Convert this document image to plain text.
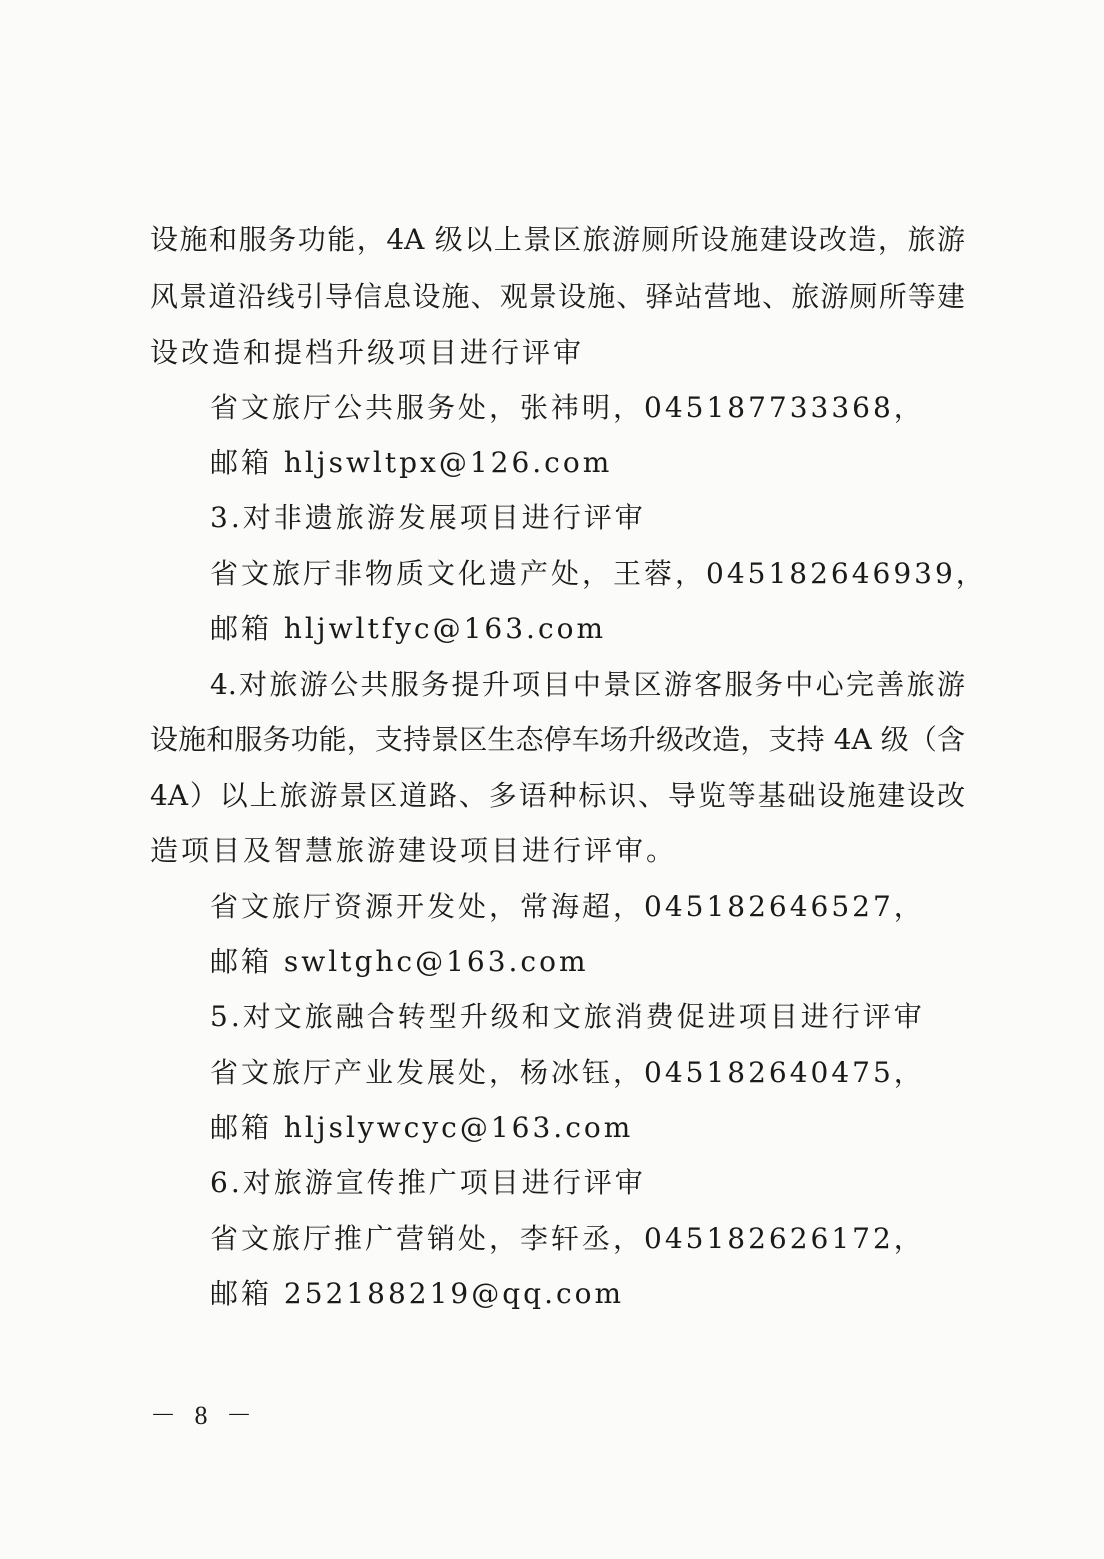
设施和服务功能，4A 级以上景区旅游厕所设施建设改造，旅游
风景道沿线引导信息设施、观景设施、驿站营地、旅游厕所等建
设改造和提档升级项目进行评审
省文旅厅公共服务处，张祎明，045187733368，
邮箱 hljswltpx@126.com
3.对非遗旅游发展项目进行评审
省文旅厅非物质文化遗产处，王蓉，045182646939，
邮箱 hljwltfyc@163.com
4.对旅游公共服务提升项目中景区游客服务中心完善旅游
设施和服务功能，支持景区生态停车场升级改造，支持 4A 级（含
4A）以上旅游景区道路、多语种标识、导览等基础设施建设改
造项目及智慧旅游建设项目进行评审。
省文旅厅资源开发处，常海超，045182646527，
邮箱 swltghc@163.com
5.对文旅融合转型升级和文旅消费促进项目进行评审
省文旅厅产业发展处，杨冰钰，045182640475，
邮箱 hljslywcyc@163.com
6.对旅游宣传推广项目进行评审
省文旅厅推广营销处，李轩丞，045182626172，
邮箱 252188219@qq.com
－ 8 －
